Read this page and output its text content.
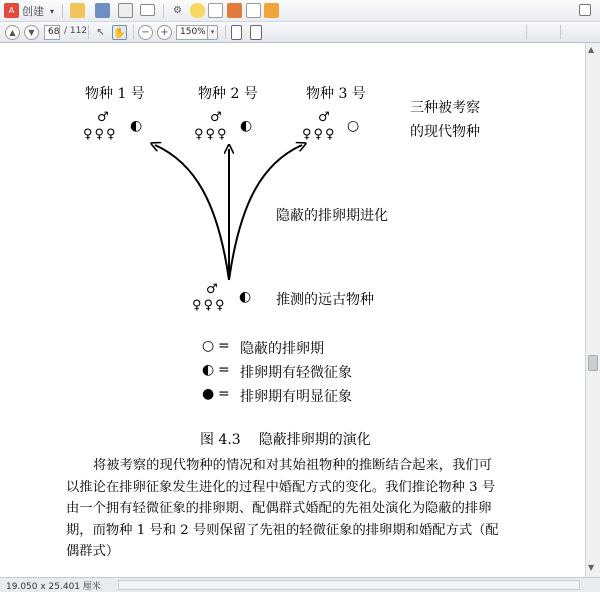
A 创建 ▾	⚙
▲	▼	68 / 112 ↖ ✋	−	+	150% ▾
物种 1 号	物种 2 号	物种 3 号
三种被考察
的现代物种
♂
♀♀♀
◐
♂
♀♀♀
◐
♂
♀♀♀
○
隐蔽的排卵期进化
♂
♀♀♀
◐ 推测的远古物种
○ = 隐蔽的排卵期
◐ = 排卵期有轻微征象
● = 排卵期有明显征象
图 4.3 隐蔽排卵期的演化
将被考察的现代物种的情况和对其始祖物种的推断结合起来，我们可
以推论在排卵征象发生进化的过程中婚配方式的变化。我们推论物种 3 号
由一个拥有轻微征象的排卵期、配偶群式婚配的先祖处演化为隐蔽的排卵
期，而物种 1 号和 2 号则保留了先祖的轻微征象的排卵期和婚配方式（配
偶群式）
▲
▼
19.050 x 25.401 厘米
